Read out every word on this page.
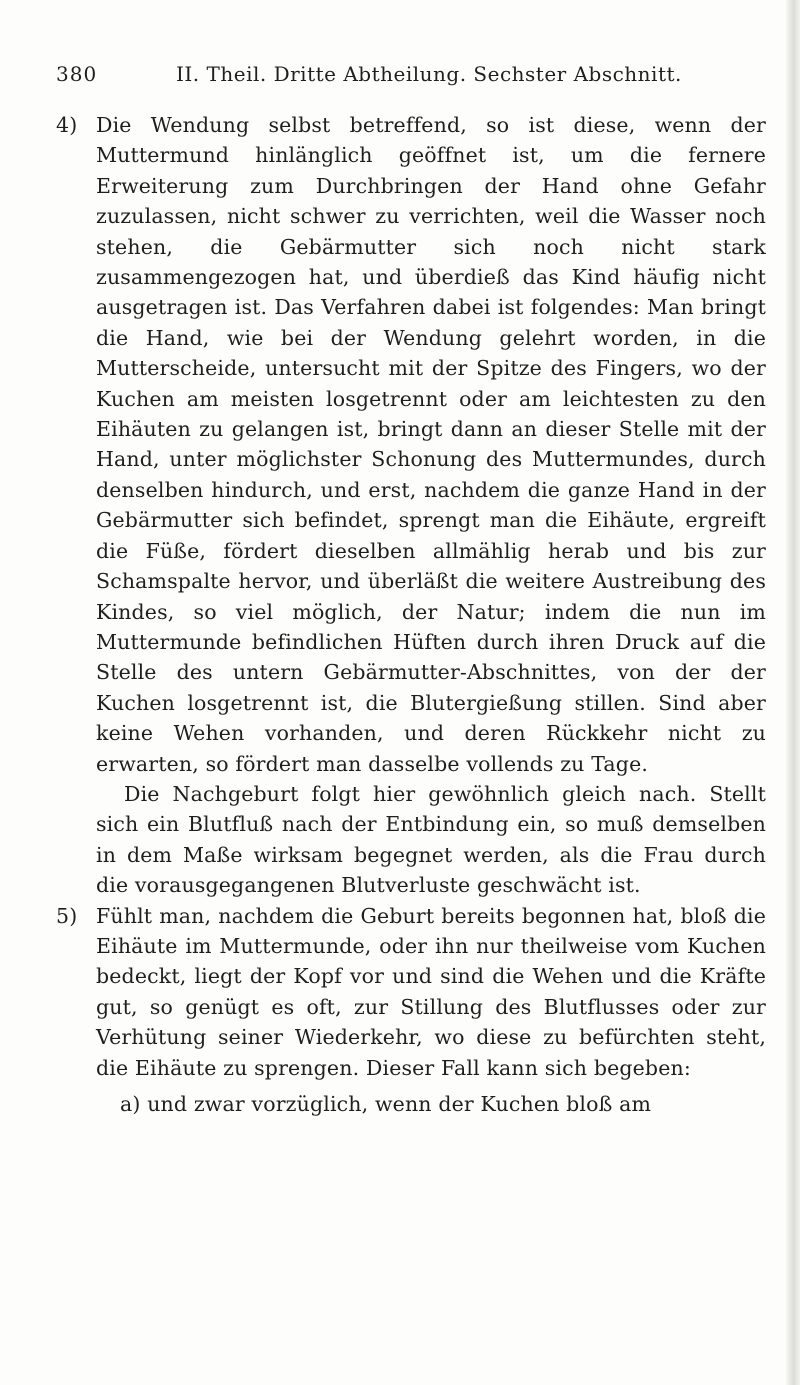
380	II. Theil. Dritte Abtheilung. Sechster Abschnitt.

4) Die Wendung selbst betreffend, so ist diese, wenn der Muttermund hinlänglich geöffnet ist, um die fernere Erweiterung zum Durchbringen der Hand ohne Gefahr zuzulassen, nicht schwer zu verrichten, weil die Wasser noch stehen, die Gebärmutter sich noch nicht stark zusammengezogen hat, und überdieß das Kind häufig nicht ausgetragen ist. Das Verfahren dabei ist folgendes: Man bringt die Hand, wie bei der Wendung gelehrt worden, in die Mutterscheide, untersucht mit der Spitze des Fingers, wo der Kuchen am meisten losgetrennt oder am leichtesten zu den Eihäuten zu gelangen ist, bringt dann an dieser Stelle mit der Hand, unter möglichster Schonung des Muttermundes, durch denselben hindurch, und erst, nachdem die ganze Hand in der Gebärmutter sich befindet, sprengt man die Eihäute, ergreift die Füße, fördert dieselben allmählig herab und bis zur Schamspalte hervor, und überläßt die weitere Austreibung des Kindes, so viel möglich, der Natur; indem die nun im Muttermunde befindlichen Hüften durch ihren Druck auf die Stelle des untern Gebärmutter-Abschnittes, von der der Kuchen losgetrennt ist, die Blutergießung stillen. Sind aber keine Wehen vorhanden, und deren Rückkehr nicht zu erwarten, so fördert man dasselbe vollends zu Tage.

Die Nachgeburt folgt hier gewöhnlich gleich nach. Stellt sich ein Blutfluß nach der Entbindung ein, so muß demselben in dem Maße wirksam begegnet werden, als die Frau durch die vorausgegangenen Blutverluste geschwächt ist.

5) Fühlt man, nachdem die Geburt bereits begonnen hat, bloß die Eihäute im Muttermunde, oder ihn nur theilweise vom Kuchen bedeckt, liegt der Kopf vor und sind die Wehen und die Kräfte gut, so genügt es oft, zur Stillung des Blutflusses oder zur Verhütung seiner Wiederkehr, wo diese zu befürchten steht, die Eihäute zu sprengen. Dieser Fall kann sich begeben:

a) und zwar vorzüglich, wenn der Kuchen bloß am
